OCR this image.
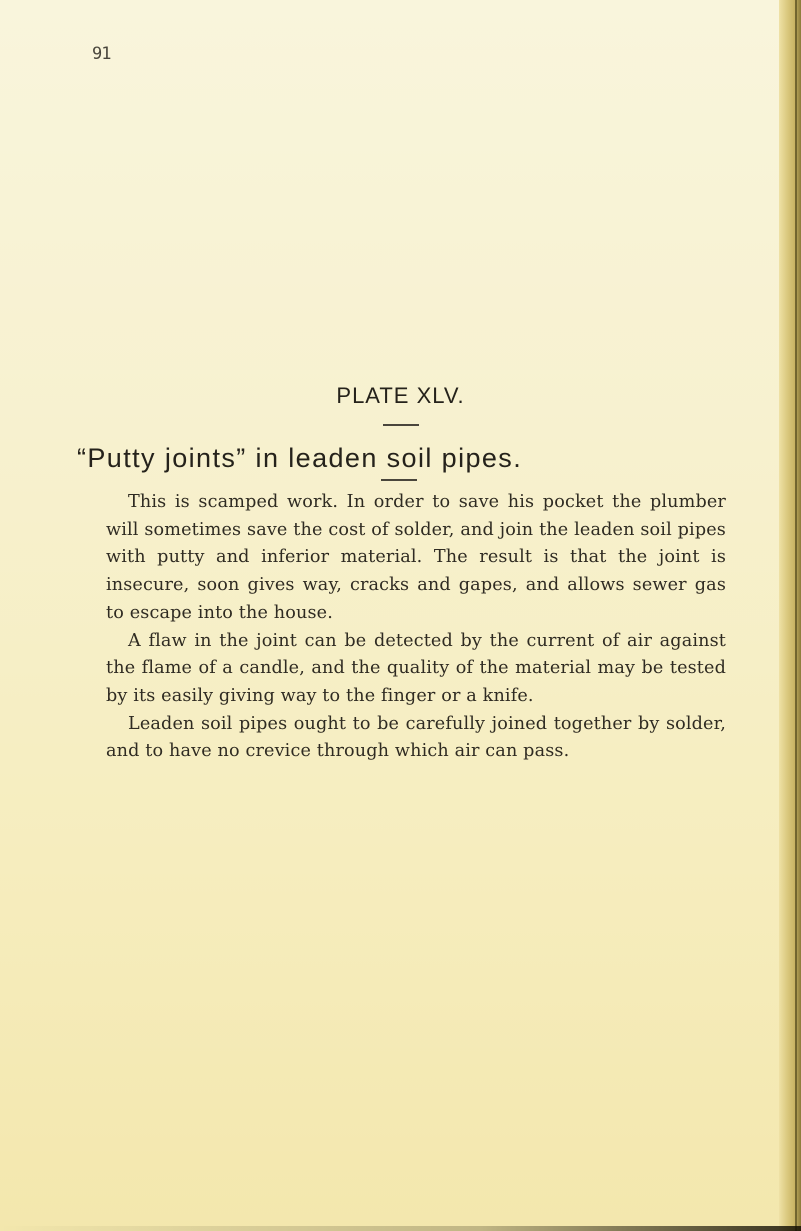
91
PLATE XLV.
“Putty joints” in leaden soil pipes.

This is scamped work. In order to save his pocket the plumber will sometimes save the cost of solder, and join the leaden soil pipes with putty and inferior material. The result is that the joint is insecure, soon gives way, cracks and gapes, and allows sewer gas to escape into the house.

A flaw in the joint can be detected by the current of air against the flame of a candle, and the quality of the material may be tested by its easily giving way to the finger or a knife.

Leaden soil pipes ought to be carefully joined together by solder, and to have no crevice through which air can pass.
